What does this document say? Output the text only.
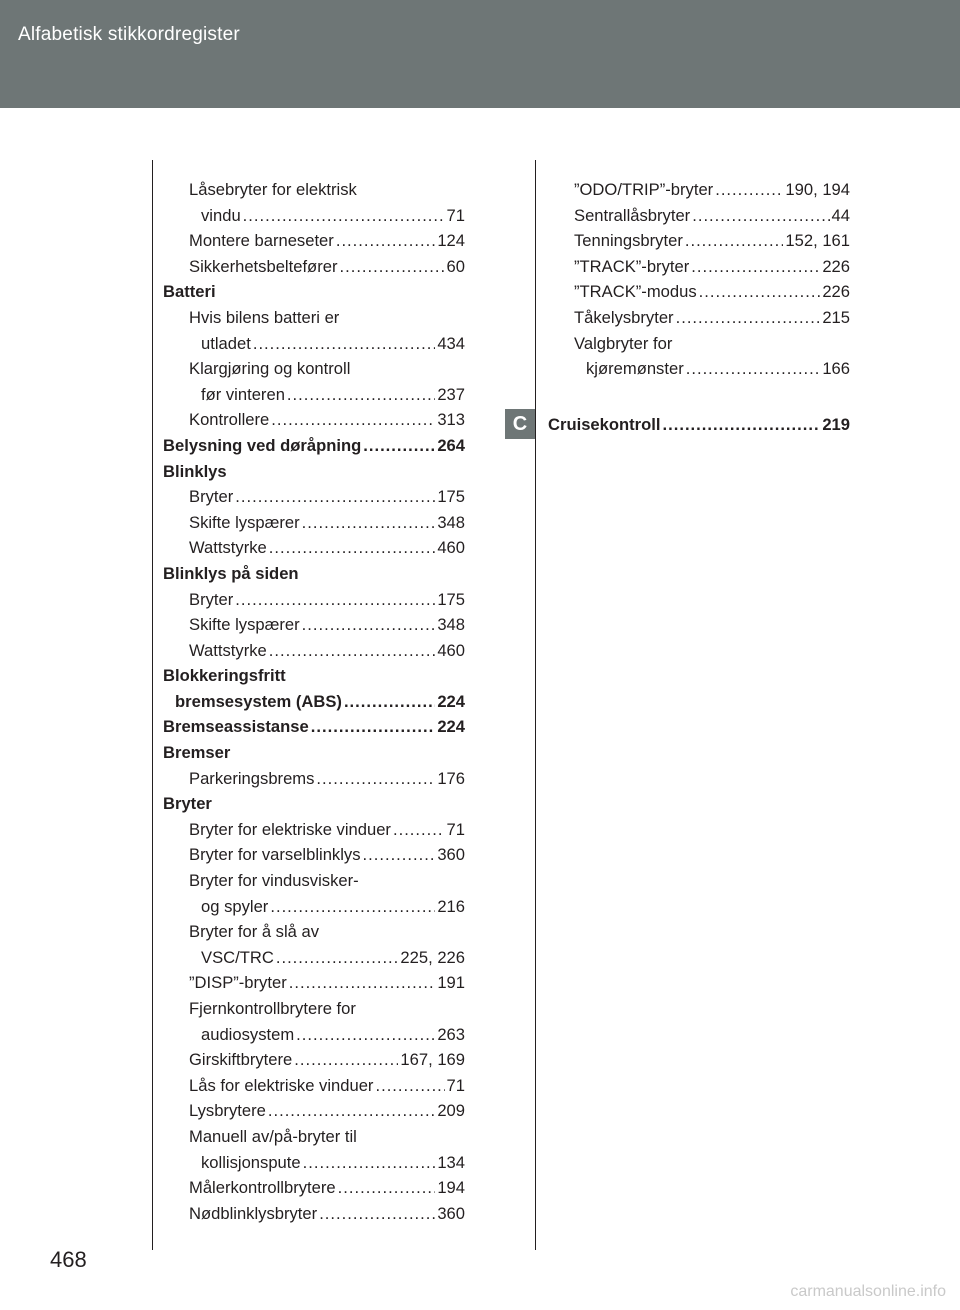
Alfabetisk stikkordregister
Låsebryter for elektrisk
vindu .....	71
Montere barneseter .....	124
Sikkerhetsbeltefører .....	60
Batteri
Hvis bilens batteri er
utladet .....	434
Klargjøring og kontroll
før vinteren .....	237
Kontrollere .....	313
Belysning ved døråpning .....	264
Blinklys
Bryter .....	175
Skifte lyspærer .....	348
Wattstyrke .....	460
Blinklys på siden
Bryter .....	175
Skifte lyspærer .....	348
Wattstyrke .....	460
Blokkeringsfritt
bremsesystem (ABS) .....	224
Bremseassistanse .....	224
Bremser
Parkeringsbrems .....	176
Bryter
Bryter for elektriske vinduer .....	71
Bryter for varselblinklys .....	360
Bryter for vindusvisker-
og spyler .....	216
Bryter for å slå av
VSC/TRC .....	225, 226
”DISP”-bryter .....	191
Fjernkontrollbrytere for
audiosystem .....	263
Girskiftbrytere .....	167, 169
Lås for elektriske vinduer .....	71
Lysbrytere .....	209
Manuell av/på-bryter til
kollisjonspute .....	134
Målerkontrollbrytere .....	194
Nødblinklysbryter .....	360
”ODO/TRIP”-bryter .....	190, 194
Sentrallåsbryter .....	44
Tenningsbryter .....	152, 161
”TRACK”-bryter .....	226
”TRACK”-modus .....	226
Tåkelysbryter .....	215
Valgbryter for
kjøremønster .....	166
Cruisekontroll .....	219
C
468
carmanualsonline.info
